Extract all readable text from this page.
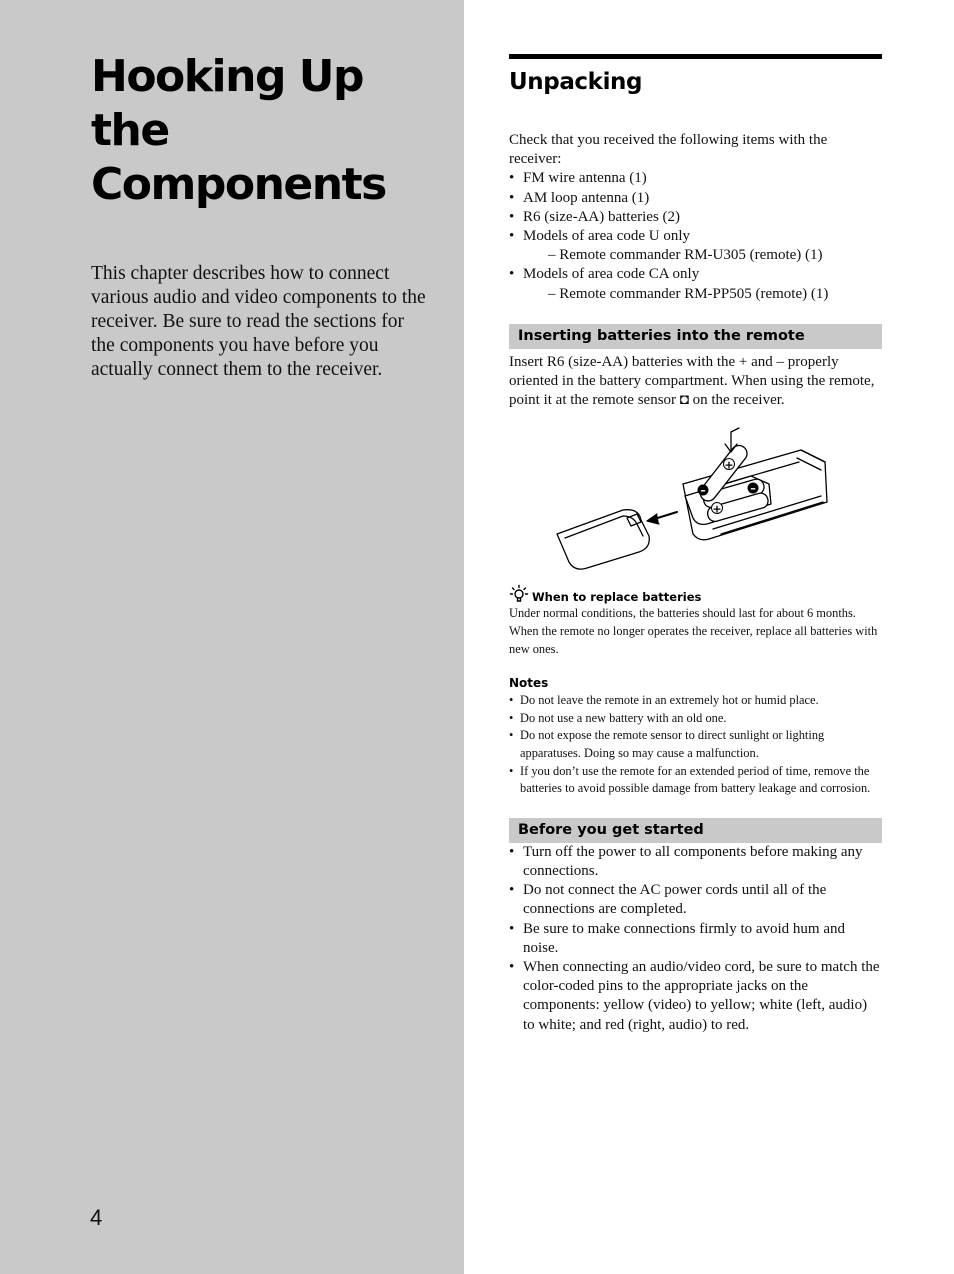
Hooking Up the Components

This chapter describes how to connect various audio and video components to the receiver. Be sure to read the sections for the components you have before you actually connect them to the receiver.

4
Unpacking

Check that you received the following items with the receiver:

• FM wire antenna (1)
• AM loop antenna (1)
• R6 (size-AA) batteries (2)
• Models of area code U only
– Remote commander RM-U305 (remote) (1)
• Models of area code CA only
– Remote commander RM-PP505 (remote) (1)
Inserting batteries into the remote

Insert R6 (size-AA) batteries with the + and – properly oriented in the battery compartment. When using the remote, point it at the remote sensor ◘ on the receiver.

+
–	–
+
When to replace batteries

Under normal conditions, the batteries should last for about 6 months. When the remote no longer operates the receiver, replace all batteries with new ones.

Notes
• Do not leave the remote in an extremely hot or humid place.
• Do not use a new battery with an old one.
• Do not expose the remote sensor to direct sunlight or lighting apparatuses. Doing so may cause a malfunction.
• If you don’t use the remote for an extended period of time, remove the batteries to avoid possible damage from battery leakage and corrosion.
Before you get started
• Turn off the power to all components before making any connections.
• Do not connect the AC power cords until all of the connections are completed.
• Be sure to make connections firmly to avoid hum and noise.
• When connecting an audio/video cord, be sure to match the color-coded pins to the appropriate jacks on the components: yellow (video) to yellow; white (left, audio) to white; and red (right, audio) to red.
